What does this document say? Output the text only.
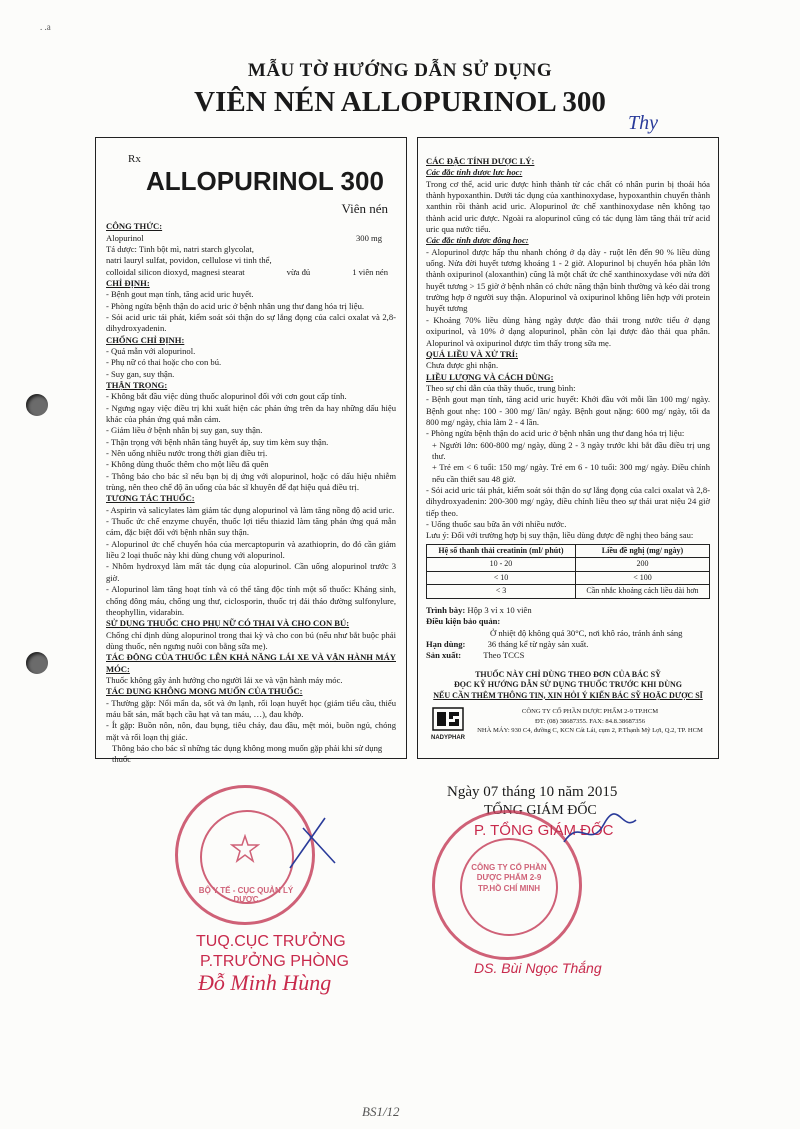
. .a
MẪU TỜ HƯỚNG DẪN SỬ DỤNG
VIÊN NÉN ALLOPURINOL 300
Thy
Rx
ALLOPURINOL 300
Viên nén

CÔNG THỨC:

Alopurinol	300 mg

Tá dược: Tinh bột mì, natri starch glycolat,

natri lauryl sulfat, povidon, cellulose vi tinh thể,

colloidal silicon dioxyd, magnesi stearat	vừa đủ	1 viên nén

CHỈ ĐỊNH:

- Bệnh gout mạn tính, tăng acid uric huyết.

- Phòng ngừa bệnh thận do acid uric ở bệnh nhân ung thư đang hóa trị liệu.

- Sỏi acid uric tái phát, kiểm soát sỏi thận do sự lắng đọng của calci oxalat và 2,8-dihydroxyadenin.

CHỐNG CHỈ ĐỊNH:

- Quá mẫn với alopurinol.

- Phụ nữ có thai hoặc cho con bú.

- Suy gan, suy thận.

THẬN TRỌNG:

- Không bắt đầu việc dùng thuốc alopurinol đối với cơn gout cấp tính.

- Ngưng ngay việc điều trị khi xuất hiện các phản ứng trên da hay những dấu hiệu khác của phản ứng quá mẫn cảm.

- Giảm liều ở bệnh nhân bị suy gan, suy thận.

- Thận trọng với bệnh nhân tăng huyết áp, suy tim kèm suy thận.

- Nên uống nhiều nước trong thời gian điều trị.

- Không dùng thuốc thêm cho một liều đã quên

- Thông báo cho bác sĩ nếu bạn bị dị ứng với alopurinol, hoặc có dấu hiệu nhiễm trùng, nên theo chế độ ăn uống của bác sĩ khuyên để đạt hiệu quả điều trị.

TƯƠNG TÁC THUỐC:

- Aspirin và salicylates làm giảm tác dụng alopurinol và làm tăng nồng độ acid uric.

- Thuốc ức chế enzyme chuyển, thuốc lợi tiểu thiazid làm tăng phản ứng quá mẫn cảm, đặc biệt đối với bệnh nhân suy thận.

- Alopurinol ức chế chuyển hóa của mercaptopurin và azathioprin, do đó cần giảm liều 2 loại thuốc này khi dùng chung với alopurinol.

- Nhôm hydroxyd làm mất tác dụng của alopurinol. Cần uống alopurinol trước 3 giờ.

- Alopurinol làm tăng hoạt tính và có thể tăng độc tính một số thuốc: Kháng sinh, chống đông máu, chống ung thư, ciclosporin, thuốc trị đái tháo đường sulfonylure, theophyllin, vidarabin.

SỬ DỤNG THUỐC CHO PHỤ NỮ CÓ THAI VÀ CHO CON BÚ:

Chống chỉ định dùng alopurinol trong thai kỳ và cho con bú (nếu như bắt buộc phải dùng thuốc, nên ngưng nuôi con bằng sữa mẹ).

TÁC ĐỘNG CỦA THUỐC LÊN KHẢ NĂNG LÁI XE VÀ VẬN HÀNH MÁY MÓC:

Thuốc không gây ảnh hưởng cho người lái xe và vận hành máy móc.

TÁC DỤNG KHÔNG MONG MUỐN CỦA THUỐC:

- Thường gặp: Nổi mẩn da, sốt và ớn lạnh, rối loạn huyết học (giảm tiểu cầu, thiếu máu bất sản, mất bạch cầu hạt và tan máu, …), đau khớp.

- Ít gặp: Buồn nôn, nôn, đau bụng, tiêu chảy, đau đầu, mệt mỏi, buồn ngủ, chóng mặt và rối loạn thị giác.

Thông báo cho bác sĩ những tác dụng không mong muốn gặp phải khi sử dụng thuốc

CÁC ĐẶC TÍNH DƯỢC LÝ:

Các đặc tính dược lực học:

Trong cơ thể, acid uric được hình thành từ các chất có nhân purin bị thoái hóa thành hypoxanthin. Dưới tác dụng của xanthinoxydase, hypoxanthin chuyển thành xanthin rồi thành acid uric. Alopurinol ức chế xanthinoxydase nên không tạo thành acid uric được. Ngoài ra alopurinol cũng có tác dụng làm tăng thải trừ acid uric qua nước tiểu.

Các đặc tính dược động học:

- Alopurinol được hấp thu nhanh chóng ở dạ dày - ruột lên đến 90 % liều dùng uống. Nửa đời huyết tương khoảng 1 - 2 giờ. Alopurinol bị chuyển hóa phần lớn thành oxipurinol (aloxanthin) cũng là một chất ức chế xanthinoxydase với nửa đời huyết tương > 15 giờ ở bệnh nhân có chức năng thận bình thường và kéo dài trong trường hợp ở người suy thận. Alopurinol và oxipurinol không liên hợp với protein huyết tương

- Khoảng 70% liều dùng hàng ngày được đào thải trong nước tiểu ở dạng oxipurinol, và 10% ở dạng alopurinol, phần còn lại được đào thải qua phân. Alopurinol và oxipurinol được tìm thấy trong sữa mẹ.

QUÁ LIỀU VÀ XỬ TRÍ:

Chưa được ghi nhận.

LIỀU LƯỢNG VÀ CÁCH DÙNG:

Theo sự chỉ dẫn của thầy thuốc, trung bình:

- Bệnh gout mạn tính, tăng acid uric huyết: Khởi đầu với mỗi lần 100 mg/ ngày. Bệnh gout nhẹ: 100 - 300 mg/ lần/ ngày. Bệnh gout nặng: 600 mg/ ngày, tối đa 800 mg/ ngày, chia làm 2 - 4 lần.

- Phòng ngừa bệnh thận do acid uric ở bệnh nhân ung thư đang hóa trị liệu:

+ Người lớn: 600-800 mg/ ngày, dùng 2 - 3 ngày trước khi bắt đầu điều trị ung thư.

+ Trẻ em < 6 tuổi: 150 mg/ ngày. Trẻ em 6 - 10 tuổi: 300 mg/ ngày. Điều chỉnh nếu cần thiết sau 48 giờ.

- Sỏi acid uric tái phát, kiểm soát sỏi thận do sự lắng đọng của calci oxalat và 2,8-dihydroxyadenin: 200-300 mg/ ngày, điều chỉnh liều theo sự thải urat niệu 24 giờ tiếp theo.

- Uống thuốc sau bữa ăn với nhiều nước.

Lưu ý: Đối với trường hợp bị suy thận, liều dùng được đề nghị theo bảng sau:

Hệ số thanh thải creatinin (ml/ phút)	Liều đề nghị (mg/ ngày)
10 - 20	200
< 10	< 100
< 3	Cần nhắc khoảng cách liều dài hơn

Trình bày: Hộp 3 vỉ x 10 viên

Điều kiện bảo quản:

Ở nhiệt độ không quá 30°C, nơi khô ráo, tránh ánh sáng

Hạn dùng:	36 tháng kể từ ngày sản xuất.

Sản xuất:	Theo TCCS

THUỐC NÀY CHỈ DÙNG THEO ĐƠN CỦA BÁC SỸ

ĐỌC KỸ HƯỚNG DẪN SỬ DỤNG THUỐC TRƯỚC KHI DÙNG

NẾU CẦN THÊM THÔNG TIN, XIN HỎI Ý KIẾN BÁC SỸ HOẶC DƯỢC SĨ

NADYPHAR

CÔNG TY CỔ PHẦN DƯỢC PHẨM 2-9 TP.HCM

ĐT: (08) 38687355. FAX: 84.8.38687356

NHÀ MÁY: 930 C4, đường C, KCN Cát Lái, cụm 2, P.Thạnh Mỹ Lợi, Q.2, TP. HCM

Ngày 07 tháng 10 năm 2015
TỔNG GIÁM ĐỐC
P. TỔNG GIÁM ĐỐC
CÔNG TY CỔ PHẦN DƯỢC PHẨM 2-9 TP.HỒ CHÍ MINH
DS. Bùi Ngọc Thắng
BỘ Y TẾ - CỤC QUẢN LÝ DƯỢC
TUQ.CỤC TRƯỞNG
P.TRƯỞNG PHÒNG
Đỗ Minh Hùng
BS1/12
